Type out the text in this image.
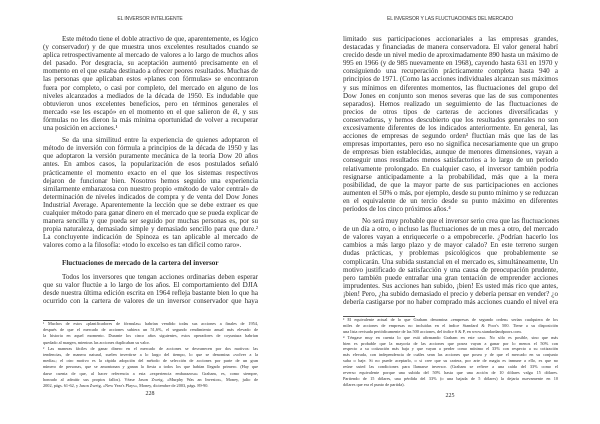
EL INVERSOR INTELIGENTE
Este método tiene el doble atractivo de que, aparentemente, es lógico
(y conservador) y de que muestra unos excelentes resultados cuando se
aplica retrospectivamente al mercado de valores a lo largo de muchos años
del pasado. Por desgracia, su aceptación aumentó precisamente en el
momento en el que estaba destinado a ofrecer peores resultados. Muchas de
las personas que aplicaban estos «planes con fórmulas» se encontraron
fuera por completo, o casi por completo, del mercado en alguno de los
niveles alcanzados a mediados de la década de 1950. Es indudable que
obtuvieron unos excelentes beneficios, pero en términos generales el
mercado «se les escapó» en el momento en el que salieron de él, y sus
fórmulas no les dieron la más mínima oportunidad de volver a recuperar
una posición en acciones.¹
Se da una similitud entre la experiencia de quienes adoptaron el
método de inversión con fórmula a principios de la década de 1950 y las
que adoptaron la versión puramente mecánica de la teoría Dow 20 años
antes. En ambos casos, la popularización de esos postulados señaló
prácticamente el momento exacto en el que los sistemas respectivos
dejaron de funcionar bien. Nosotros hemos seguido una experiencia
similarmente embarazosa con nuestro propio «método de valor central» de
determinación de niveles indicados de compra y de venta del Dow Jones
Industrial Average. Aparentemente la lección que se debe extraer es que
cualquier método para ganar dinero en el mercado que se pueda explicar de
manera sencilla y que pueda ser seguido por muchas personas es, por su
propia naturaleza, demasiado simple y demasiado sencillo para que dure.²
La concluyente indicación de Spinoza es tan aplicable al mercado de
valores como a la filosofía: «todo lo excelso es tan difícil como raro».
Fluctuaciones de mercado de la cartera del inversor
Todos los inversores que tengan acciones ordinarias deben esperar
que su valor fluctúe a lo largo de los años. El comportamiento del DJIA
desde nuestra última edición escrita en 1964 refleja bastante bien lo que ha
ocurrido con la cartera de valores de un inversor conservador que haya
¹ Muchos de estos «planificadores de fórmulas» habrían vendido todas sus acciones a finales de 1954,
después de que el mercado de acciones subiera un 51,6%, el segundo rendimiento anual más elevado de
la historia en aquel momento. Durante los cinco años siguientes, estos operadores de coyuntura habrían
quedado al margen, mientras las acciones duplicaban su valor.
² Las maneras fáciles de ganar dinero en el mercado de acciones se desvanecen por dos motivos: las
tendencias, de manera natural, suelen invertirse a lo largo del tiempo, lo que se denomina «volver a la
media»; el otro motivo es la rápida adopción del método de selección de acciones por parte de un gran
número de personas, que se amontonan y ganan la fiesta a todos los que habían llegado primero. (Hay que
darse cuenta de que, al hacer referencia a esta «experiencia embarazosa» Graham, es, como siempre,
honrado al admitir sus propios fallos). Véase Jason Zweig, «Murphy Was an Investor», Money, julio de
2002, págs. 61-62, y Jason Zweig, «New Year's Plays», Money, diciembre de 2003, págs. 89-90.
228
EL INVERSOR Y LAS FLUCTUACIONES DEL MERCADO
limitado sus participaciones accionariales a las empresas grandes,
destacadas y financiadas de manera conservadora. El valor general habrí
crecido desde un nivel medio de aproximadamente 890 hasta un máximo de
995 en 1966 (y de 985 nuevamente en 1968), cayendo hasta 631 en 1970 y
consiguiendo una recuperación prácticamente completa hasta 940 a
principios de 1971. (Como las acciones individuales alcanzan sus máximos
y sus mínimos en diferentes momentos, las fluctuaciones del grupo del
Dow Jones en conjunto son menos severas que las de sus componentes
separados). Hemos realizado un seguimiento de las fluctuaciones de
precios de otros tipos de carteras de acciones diversificadas y
conservadoras, y hemos descubierto que los resultados generales no son
excesivamente diferentes de los indicados anteriormente. En general, las
acciones de empresas de segundo orden³ fluctúan más que las de las
empresas importantes, pero eso no significa necesariamente que un grupo
de empresas bien establecidas, aunque de menores dimensiones, vayan a
conseguir unos resultados menos satisfactorios a lo largo de un período
relativamente prolongado. En cualquier caso, el inversor también podría
resignarse anticipadamente a la probabilidad, más que a la mera
posibilidad, de que la mayor parte de sus participaciones en acciones
aumenten el 50% o más, por ejemplo, desde su punto mínimo y se reduzcan
en el equivalente de un tercio desde su punto máximo en diferentes
períodos de los cinco próximos años.⁴
No será muy probable que el inversor serio crea que las fluctuaciones
de un día a otro, o incluso las fluctuaciones de un mes a otro, del mercado
de valores vayan a enriquecerle o a empobrecerle. ¿Podrían hacerlo los
cambios a más largo plazo y de mayor calado? En este terreno surgen
dudas prácticas, y problemas psicológicos que probablemente se
complicarán. Una subida sustancial en el mercado es, simultáneamente, Un
motivo justificado de satisfacción y una causa de preocupación prudente,
pero también puede entrañar una gran tentación de emprender acciones
imprudentes. Sus acciones han subido, ¡bien! Es usted más rico que antes,
¡bien! Pero, ¿ha subido demasiado el precio y debería pensar en vender? ¿o
debería castigarse por no haber comprado más acciones cuando el nivel era
³ El equivalente actual de lo que Graham denomina «empresas de segundo orden» serían cualquiera de los
miles de acciones de empresas no incluidas en el índice Standard & Poor's 500. Tiene a su disposición
una lista revisada periódicamente de las 500 acciones, del índice S & P, en www.standardandpoors.com.
⁴ Téngase muy en cuenta lo que está afirmando Graham en este caso. No sólo es posible, sino que más
bien es probable que la mayoría de las acciones que posea vayan a ganar por lo menos el 50% con
respecto a su cotización más baja y que vayan a perder como mínimo el 33% con respecto a su cotización
más elevada, con independencia de cuáles sean las acciones que posea y de que el mercado en su conjunto
suba o baje. Si no puede aceptarlo, o si cree que su cartera, por arte de magia es inmune a ello, es que no
reúne usted las condiciones para llamarse inversor. (Graham se refiere a una caída del 33% como el
reverso equivalente porque una subida del 50% hasta que una acción de 10 dólares valga 15 dólares.
Partiendo de 15 dólares, una pérdida del 33% (o una bajada de 5 dólares) la dejaría nuevamente en 10
dólares que era el punto de partida).
225
